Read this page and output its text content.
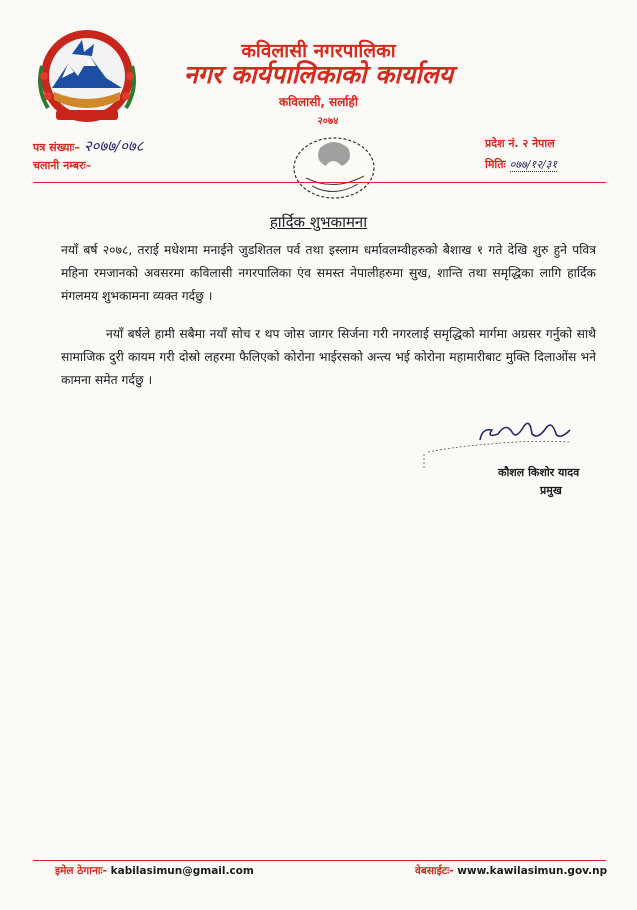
कविलासी नगरपालिका
नगर कार्यपालिकाको कार्यालय
कविलासी, सर्लाही
२०७४
पत्र संख्याः– २०७७/०७८
चलानी नम्बरः–
प्रदेश नं. २ नेपाल
मितिः ०७७/१२/३१
हार्दिक शुभकामना
नयाँ बर्ष २०७८, तराई मधेशमा मनाईने जुडशितल पर्व तथा इस्लाम धर्मावलम्वीहरुको बैशाख १ गते देखि शुरु हुने पवित्र महिना रमजानको अवसरमा कविलासी नगरपालिका एंव समस्त नेपालीहरुमा सुख, शान्ति तथा समृद्धिका लागि हार्दिक मंगलमय शुभकामना व्यक्त गर्दछु ।
नयाँ बर्षले हामी सबैमा नयाँ सोच र थप जोस जागर सिर्जना गरी नगरलाई समृद्धिको मार्गमा अग्रसर गर्नुको साथै सामाजिक दुरी कायम गरी दोस्रो लहरमा फैलिएको कोरोना भाईरसको अन्त्य भई कोरोना महामारीबाट मुक्ति दिलाओंस भने कामना समेत गर्दछु ।
कौशल किशोर यादव
प्रमुख
इमेल ठेगानाः- kabilasimun@gmail.com	वेबसाईटः- www.kawilasimun.gov.np
